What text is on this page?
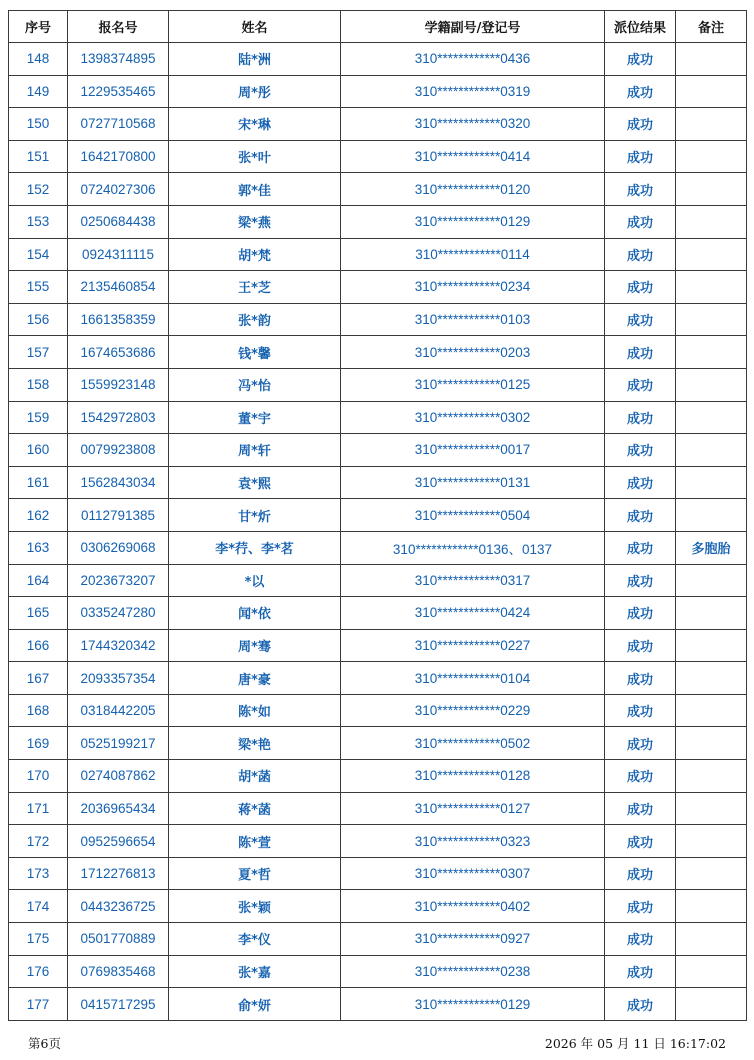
序号	报名号	姓名	学籍副号/登记号	派位结果	备注
148	1398374895	陆*洲	310************0436	成功	
149	1229535465	周*彤	310************0319	成功	
150	0727710568	宋*琳	310************0320	成功	
151	1642170800	张*叶	310************0414	成功	
152	0724027306	郭*佳	310************0120	成功	
153	0250684438	梁*燕	310************0129	成功	
154	0924311115	胡*梵	310************0114	成功	
155	2135460854	王*芝	310************0234	成功	
156	1661358359	张*韵	310************0103	成功	
157	1674653686	钱*馨	310************0203	成功	
158	1559923148	冯*怡	310************0125	成功	
159	1542972803	董*宇	310************0302	成功	
160	0079923808	周*轩	310************0017	成功	
161	1562843034	袁*熙	310************0131	成功	
162	0112791385	甘*炘	310************0504	成功	
163	0306269068	李*荇、李*茗	310************0136、0137	成功	多胞胎
164	2023673207	*以	310************0317	成功	
165	0335247280	闻*依	310************0424	成功	
166	1744320342	周*骞	310************0227	成功	
167	2093357354	唐*豪	310************0104	成功	
168	0318442205	陈*如	310************0229	成功	
169	0525199217	梁*艳	310************0502	成功	
170	0274087862	胡*菡	310************0128	成功	
171	2036965434	蒋*菡	310************0127	成功	
172	0952596654	陈*萱	310************0323	成功	
173	1712276813	夏*哲	310************0307	成功	
174	0443236725	张*颖	310************0402	成功	
175	0501770889	李*仪	310************0927	成功	
176	0769835468	张*嘉	310************0238	成功	
177	0415717295	俞*妍	310************0129	成功	
第6页	2026 年 05 月 11 日 16:17:02
